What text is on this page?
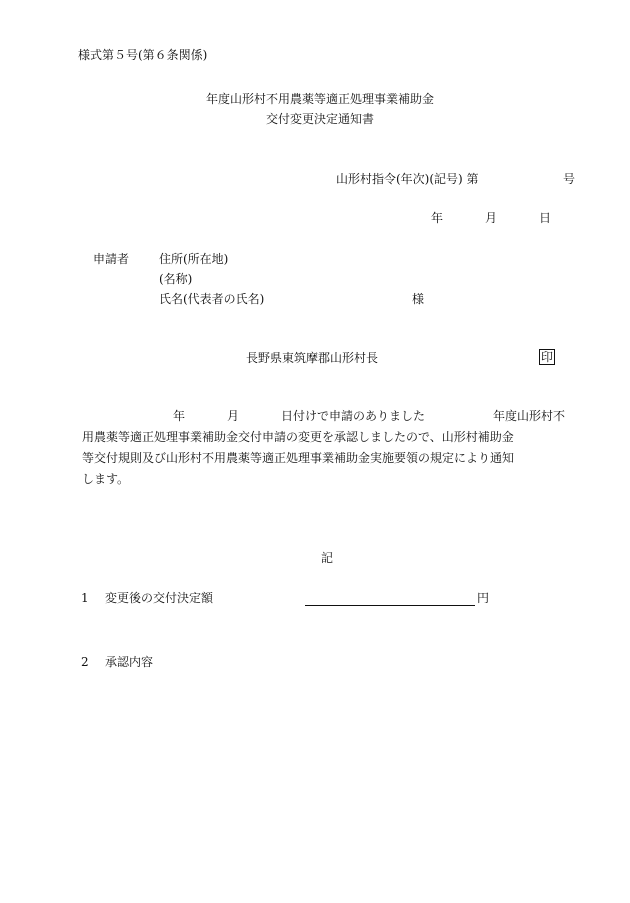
様式第５号(第６条関係)
年度山形村不用農薬等適正処理事業補助金
交付変更決定通知書
山形村指令(年次)(記号) 第	号
年	月	日
申請者 住所(所在地)
(名称)
氏名(代表者の氏名)	様
長野県東筑摩郡山形村長	印
年	月	日付けで申請のありました	年度山形村不
用農薬等適正処理事業補助金交付申請の変更を承認しましたので、山形村補助金
等交付規則及び山形村不用農薬等適正処理事業補助金実施要領の規定により通知
します。
記
1 変更後の交付決定額	円
2 承認内容
